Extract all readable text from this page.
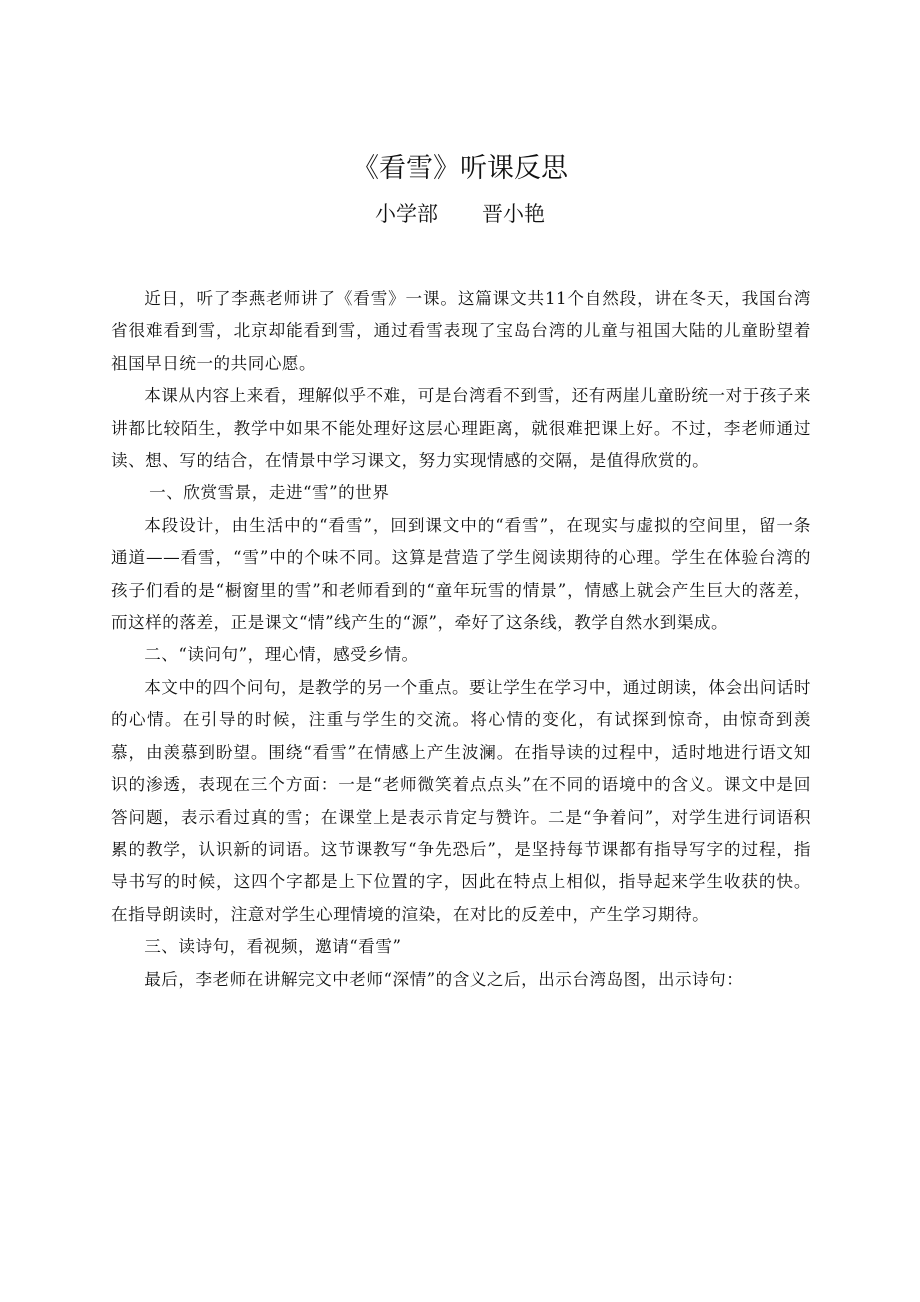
《看雪》听课反思
小学部 晋小艳

近日，听了李燕老师讲了《看雪》一课。这篇课文共11个自然段，讲在冬天，我国台湾省很难看到雪，北京却能看到雪，通过看雪表现了宝岛台湾的儿童与祖国大陆的儿童盼望着祖国早日统一的共同心愿。

本课从内容上来看，理解似乎不难，可是台湾看不到雪，还有两崖儿童盼统一对于孩子来讲都比较陌生，教学中如果不能处理好这层心理距离，就很难把课上好。不过，李老师通过读、想、写的结合，在情景中学习课文，努力实现情感的交隔，是值得欣赏的。

一、欣赏雪景，走进“雪”的世界

本段设计，由生活中的“看雪”，回到课文中的“看雪”，在现实与虚拟的空间里，留一条通道——看雪，“雪”中的个味不同。这算是营造了学生阅读期待的心理。学生在体验台湾的孩子们看的是“橱窗里的雪”和老师看到的“童年玩雪的情景”，情感上就会产生巨大的落差，而这样的落差，正是课文“情”线产生的“源”，牵好了这条线，教学自然水到渠成。

二、“读问句”，理心情，感受乡情。

本文中的四个问句，是教学的另一个重点。要让学生在学习中，通过朗读，体会出问话时的心情。在引导的时候，注重与学生的交流。将心情的变化，有试探到惊奇，由惊奇到羡慕，由羡慕到盼望。围绕“看雪”在情感上产生波澜。在指导读的过程中，适时地进行语文知识的渗透，表现在三个方面：一是“老师微笑着点点头”在不同的语境中的含义。课文中是回答问题，表示看过真的雪；在课堂上是表示肯定与赞许。二是“争着问”，对学生进行词语积累的教学，认识新的词语。这节课教写“争先恐后”，是坚持每节课都有指导写字的过程，指导书写的时候，这四个字都是上下位置的字，因此在特点上相似，指导起来学生收获的快。在指导朗读时，注意对学生心理情境的渲染，在对比的反差中，产生学习期待。

三、读诗句，看视频，邀请“看雪”

最后，李老师在讲解完文中老师“深情”的含义之后，出示台湾岛图，出示诗句：
